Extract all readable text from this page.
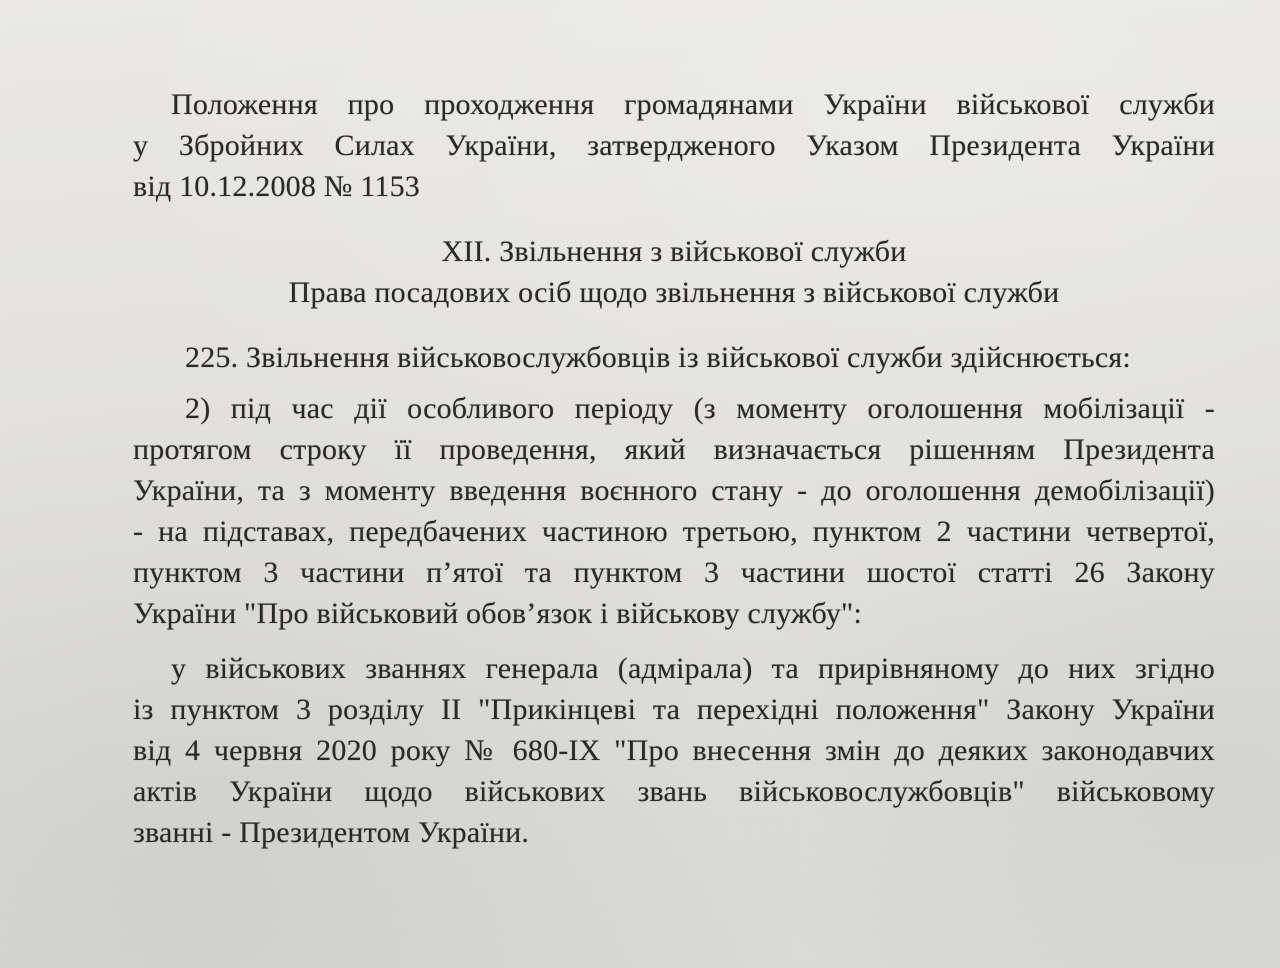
Положення про проходження громадянами України військової служби
у Збройних Силах України, затвердженого Указом Президента України
від 10.12.2008 № 1153
XII. Звільнення з військової служби
Права посадових осіб щодо звільнення з військової служби
225. Звільнення військовослужбовців із військової служби здійснюється:
2) під час дії особливого періоду (з моменту оголошення мобілізації -
протягом строку її проведення, який визначається рішенням Президента
України, та з моменту введення воєнного стану - до оголошення демобілізації)
- на підставах, передбачених частиною третьою, пунктом 2 частини четвертої,
пунктом 3 частини п’ятої та пунктом 3 частини шостої статті 26 Закону
України "Про військовий обов’язок і військову службу":
у військових званнях генерала (адмірала) та прирівняному до них згідно
із пунктом 3 розділу II "Прикінцеві та перехідні положення" Закону України
від 4 червня 2020 року № 680-IX "Про внесення змін до деяких законодавчих
актів України щодо військових звань військовослужбовців" військовому
званні - Президентом України.
